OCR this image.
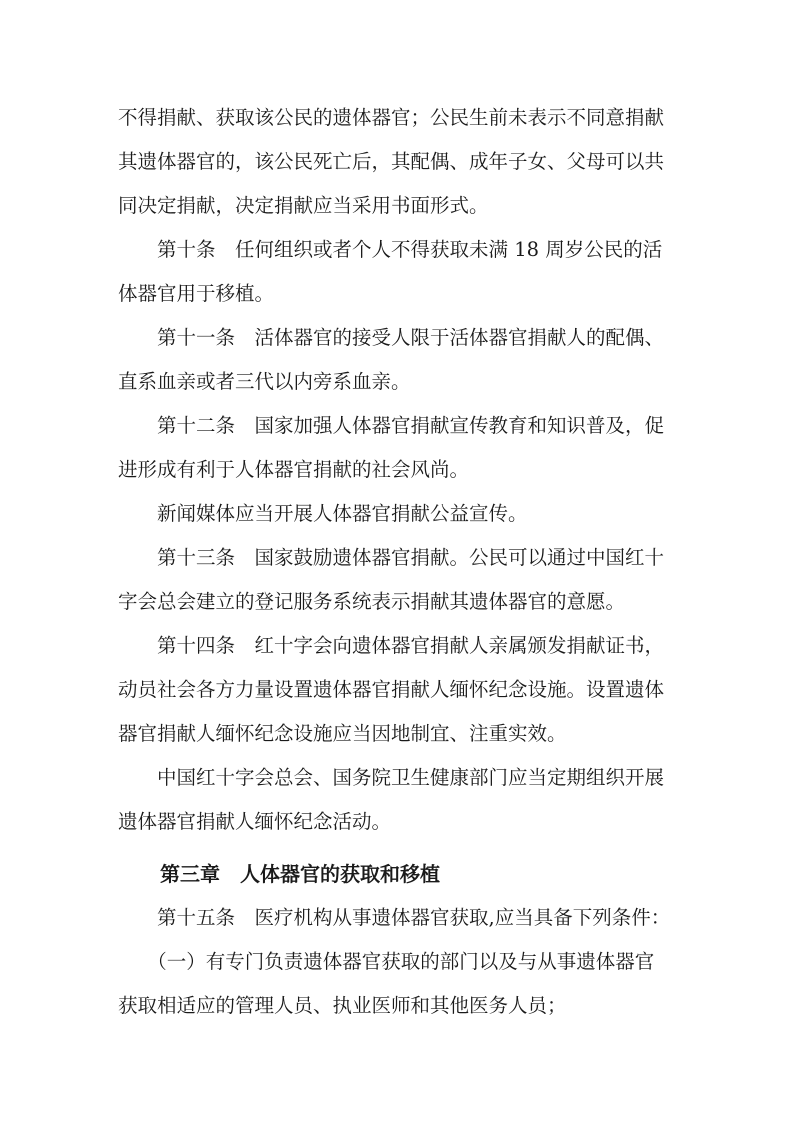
不得捐献、获取该公民的遗体器官；公民生前未表示不同意捐献
其遗体器官的，该公民死亡后，其配偶、成年子女、父母可以共
同决定捐献，决定捐献应当采用书面形式。
　　第十条　任何组织或者个人不得获取未满 18 周岁公民的活
体器官用于移植。
　　第十一条　活体器官的接受人限于活体器官捐献人的配偶、
直系血亲或者三代以内旁系血亲。
　　第十二条　国家加强人体器官捐献宣传教育和知识普及，促
进形成有利于人体器官捐献的社会风尚。
　　新闻媒体应当开展人体器官捐献公益宣传。
　　第十三条　国家鼓励遗体器官捐献。公民可以通过中国红十
字会总会建立的登记服务系统表示捐献其遗体器官的意愿。
　　第十四条　红十字会向遗体器官捐献人亲属颁发捐献证书，
动员社会各方力量设置遗体器官捐献人缅怀纪念设施。设置遗体
器官捐献人缅怀纪念设施应当因地制宜、注重实效。
　　中国红十字会总会、国务院卫生健康部门应当定期组织开展
遗体器官捐献人缅怀纪念活动。
第三章　人体器官的获取和移植
　　第十五条　医疗机构从事遗体器官获取,应当具备下列条件：
　　（一）有专门负责遗体器官获取的部门以及与从事遗体器官
获取相适应的管理人员、执业医师和其他医务人员；
